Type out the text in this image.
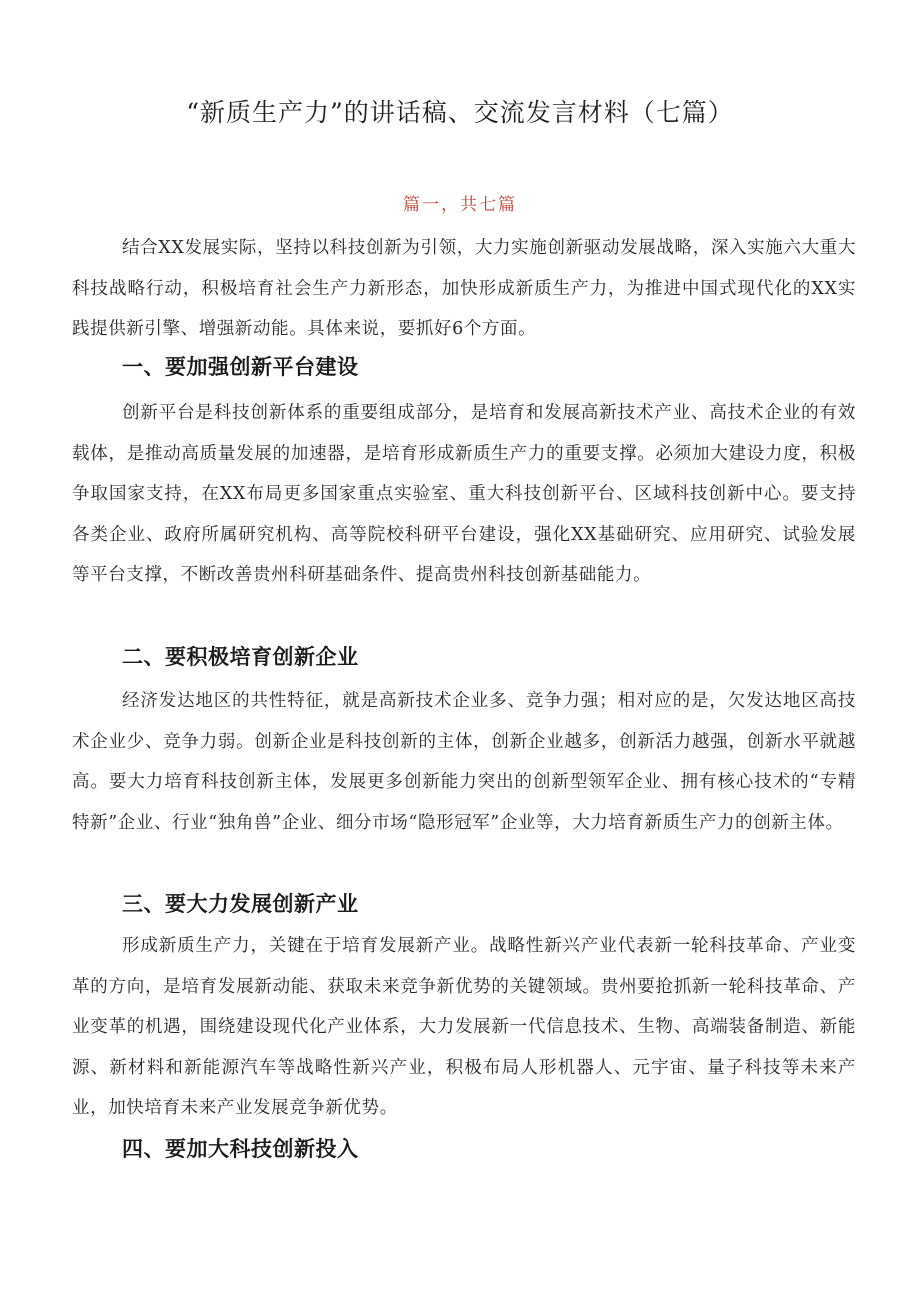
“新质生产力”的讲话稿、交流发言材料（七篇）
篇一，共七篇

结合XX发展实际，坚持以科技创新为引领，大力实施创新驱动发展战略，深入实施六大重大科技战略行动，积极培育社会生产力新形态，加快形成新质生产力，为推进中国式现代化的XX实践提供新引擎、增强新动能。具体来说，要抓好6个方面。

一、要加强创新平台建设

创新平台是科技创新体系的重要组成部分，是培育和发展高新技术产业、高技术企业的有效载体，是推动高质量发展的加速器，是培育形成新质生产力的重要支撑。必须加大建设力度，积极争取国家支持，在XX布局更多国家重点实验室、重大科技创新平台、区域科技创新中心。要支持各类企业、政府所属研究机构、高等院校科研平台建设，强化XX基础研究、应用研究、试验发展等平台支撑，不断改善贵州科研基础条件、提高贵州科技创新基础能力。

二、要积极培育创新企业

经济发达地区的共性特征，就是高新技术企业多、竞争力强；相对应的是，欠发达地区高技术企业少、竞争力弱。创新企业是科技创新的主体，创新企业越多，创新活力越强，创新水平就越高。要大力培育科技创新主体，发展更多创新能力突出的创新型领军企业、拥有核心技术的“专精特新”企业、行业“独角兽”企业、细分市场“隐形冠军”企业等，大力培育新质生产力的创新主体。

三、要大力发展创新产业

形成新质生产力，关键在于培育发展新产业。战略性新兴产业代表新一轮科技革命、产业变革的方向，是培育发展新动能、获取未来竞争新优势的关键领域。贵州要抢抓新一轮科技革命、产业变革的机遇，围绕建设现代化产业体系，大力发展新一代信息技术、生物、高端装备制造、新能源、新材料和新能源汽车等战略性新兴产业，积极布局人形机器人、元宇宙、量子科技等未来产业，加快培育未来产业发展竞争新优势。

四、要加大科技创新投入
